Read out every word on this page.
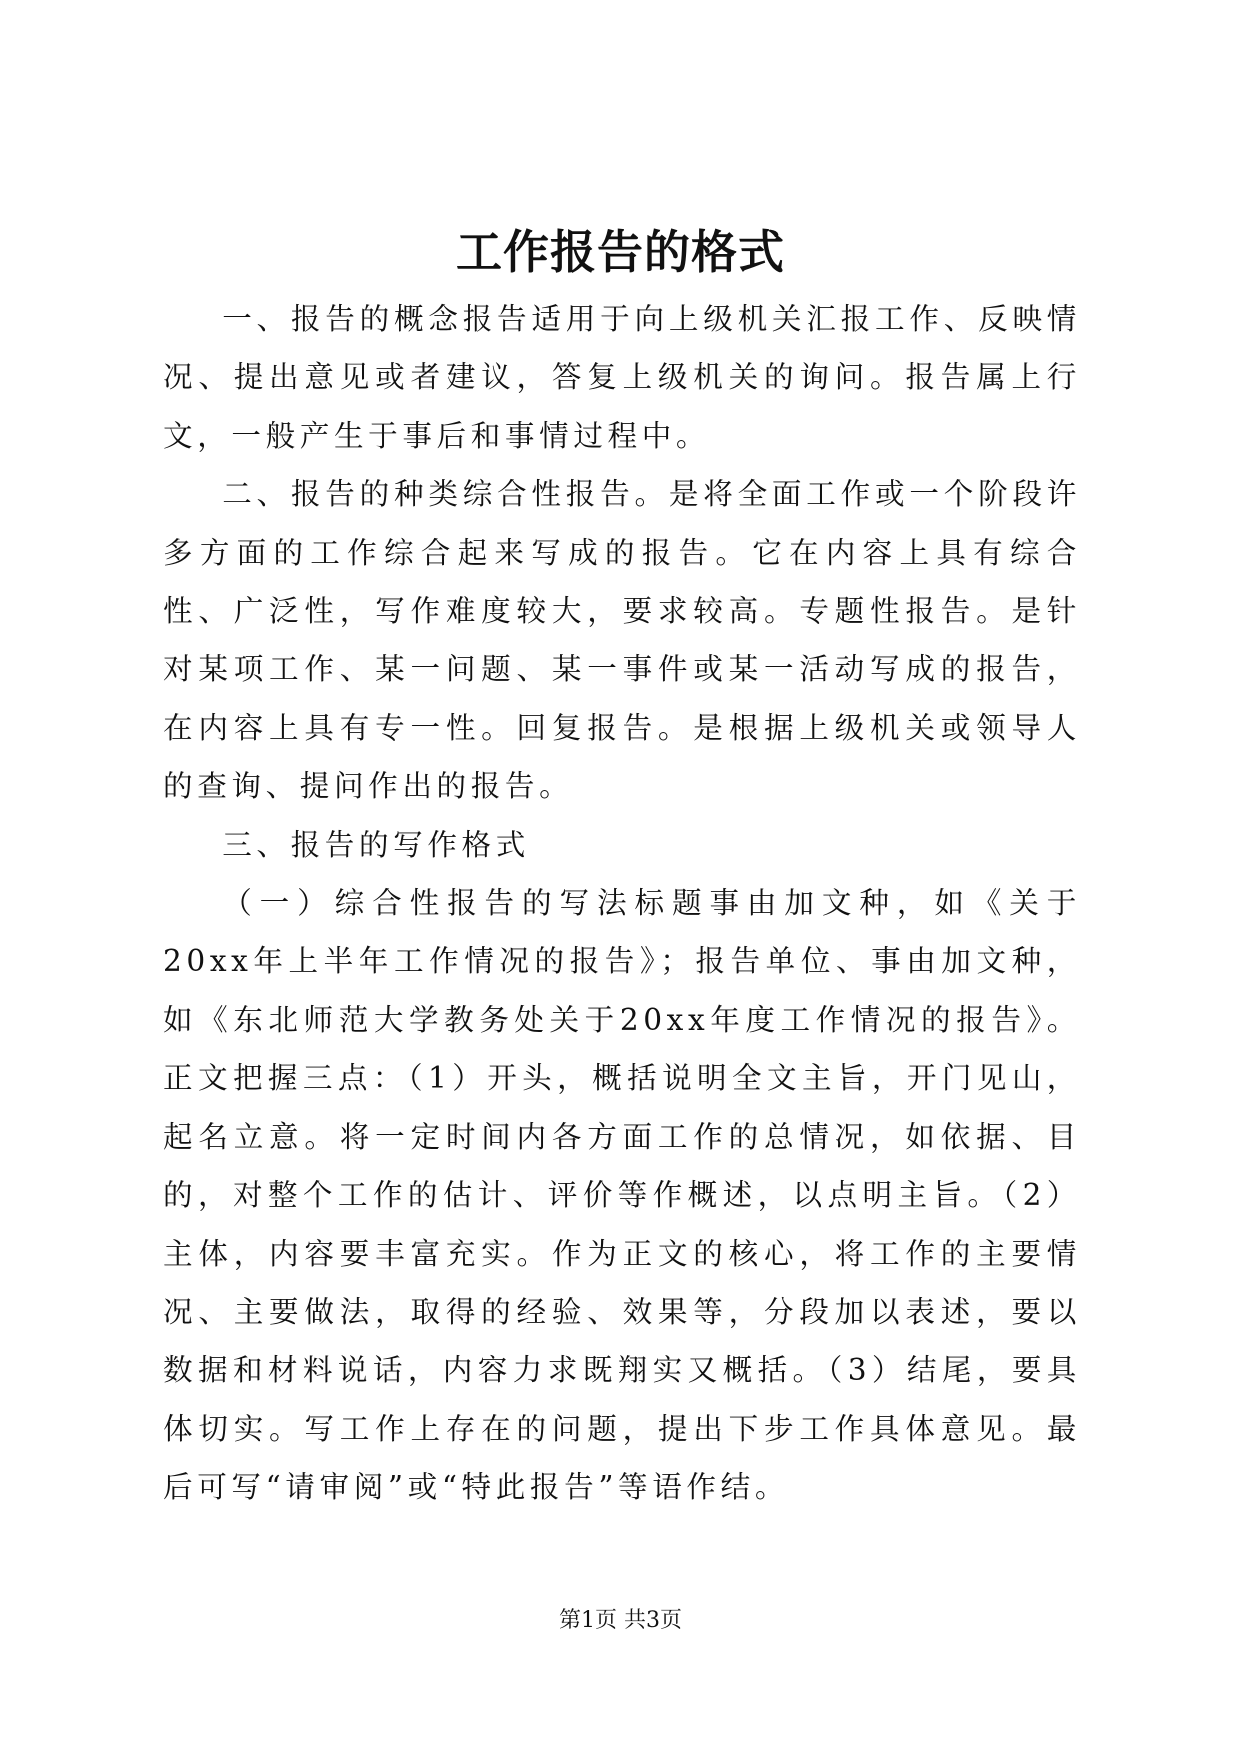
工作报告的格式

一、报告的概念报告适用于向上级机关汇报工作、反映情况、提出意见或者建议，答复上级机关的询问。报告属上行文，一般产生于事后和事情过程中。

二、报告的种类综合性报告。是将全面工作或一个阶段许多方面的工作综合起来写成的报告。它在内容上具有综合性、广泛性，写作难度较大，要求较高。专题性报告。是针对某项工作、某一问题、某一事件或某一活动写成的报告，在内容上具有专一性。回复报告。是根据上级机关或领导人的查询、提问作出的报告。

三、报告的写作格式

（一）综合性报告的写法标题事由加文种，如《关于20xx年上半年工作情况的报告》；报告单位、事由加文种，如《东北师范大学教务处关于20xx年度工作情况的报告》。正文把握三点：（1）开头，概括说明全文主旨，开门见山，起名立意。将一定时间内各方面工作的总情况，如依据、目的，对整个工作的估计、评价等作概述，以点明主旨。（2）主体，内容要丰富充实。作为正文的核心，将工作的主要情况、主要做法，取得的经验、效果等，分段加以表述，要以数据和材料说话，内容力求既翔实又概括。（3）结尾，要具体切实。写工作上存在的问题，提出下步工作具体意见。最后可写“请审阅”或“特此报告”等语作结。

第1页 共3页
